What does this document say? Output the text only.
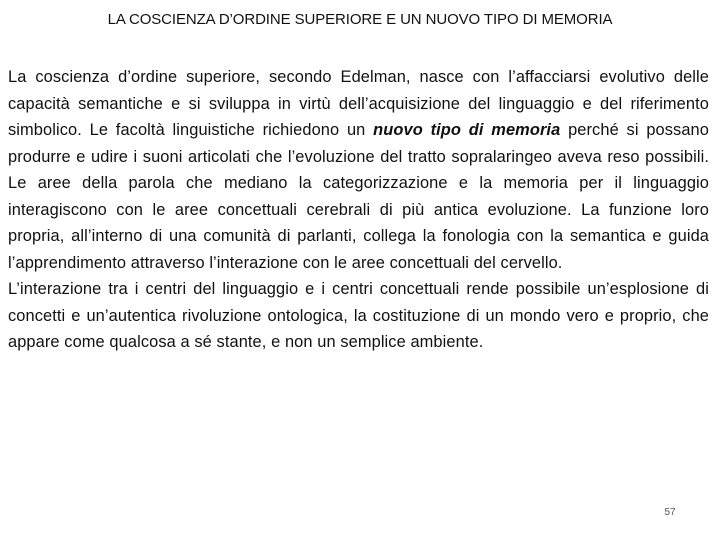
LA COSCIENZA D’ORDINE SUPERIORE E UN NUOVO TIPO DI MEMORIA

La coscienza d’ordine superiore, secondo Edelman, nasce con l’affacciarsi evolutivo delle capacità semantiche e si sviluppa in virtù dell’acquisizione del linguaggio e del riferimento simbolico. Le facoltà linguistiche richiedono un nuovo tipo di memoria perché si possano produrre e udire i suoni articolati che l’evoluzione del tratto sopralaringeo aveva reso possibili. Le aree della parola che mediano la categorizzazione e la memoria per il linguaggio interagiscono con le aree concettuali cerebrali di più antica evoluzione. La funzione loro propria, all’interno di una comunità di parlanti, collega la fonologia con la semantica e guida l’apprendimento attraverso l’interazione con le aree concettuali del cervello.

L’interazione tra i centri del linguaggio e i centri concettuali rende possibile un’esplosione di concetti e un’autentica rivoluzione ontologica, la costituzione di un mondo vero e proprio, che appare come qualcosa a sé stante, e non un semplice ambiente.

57
